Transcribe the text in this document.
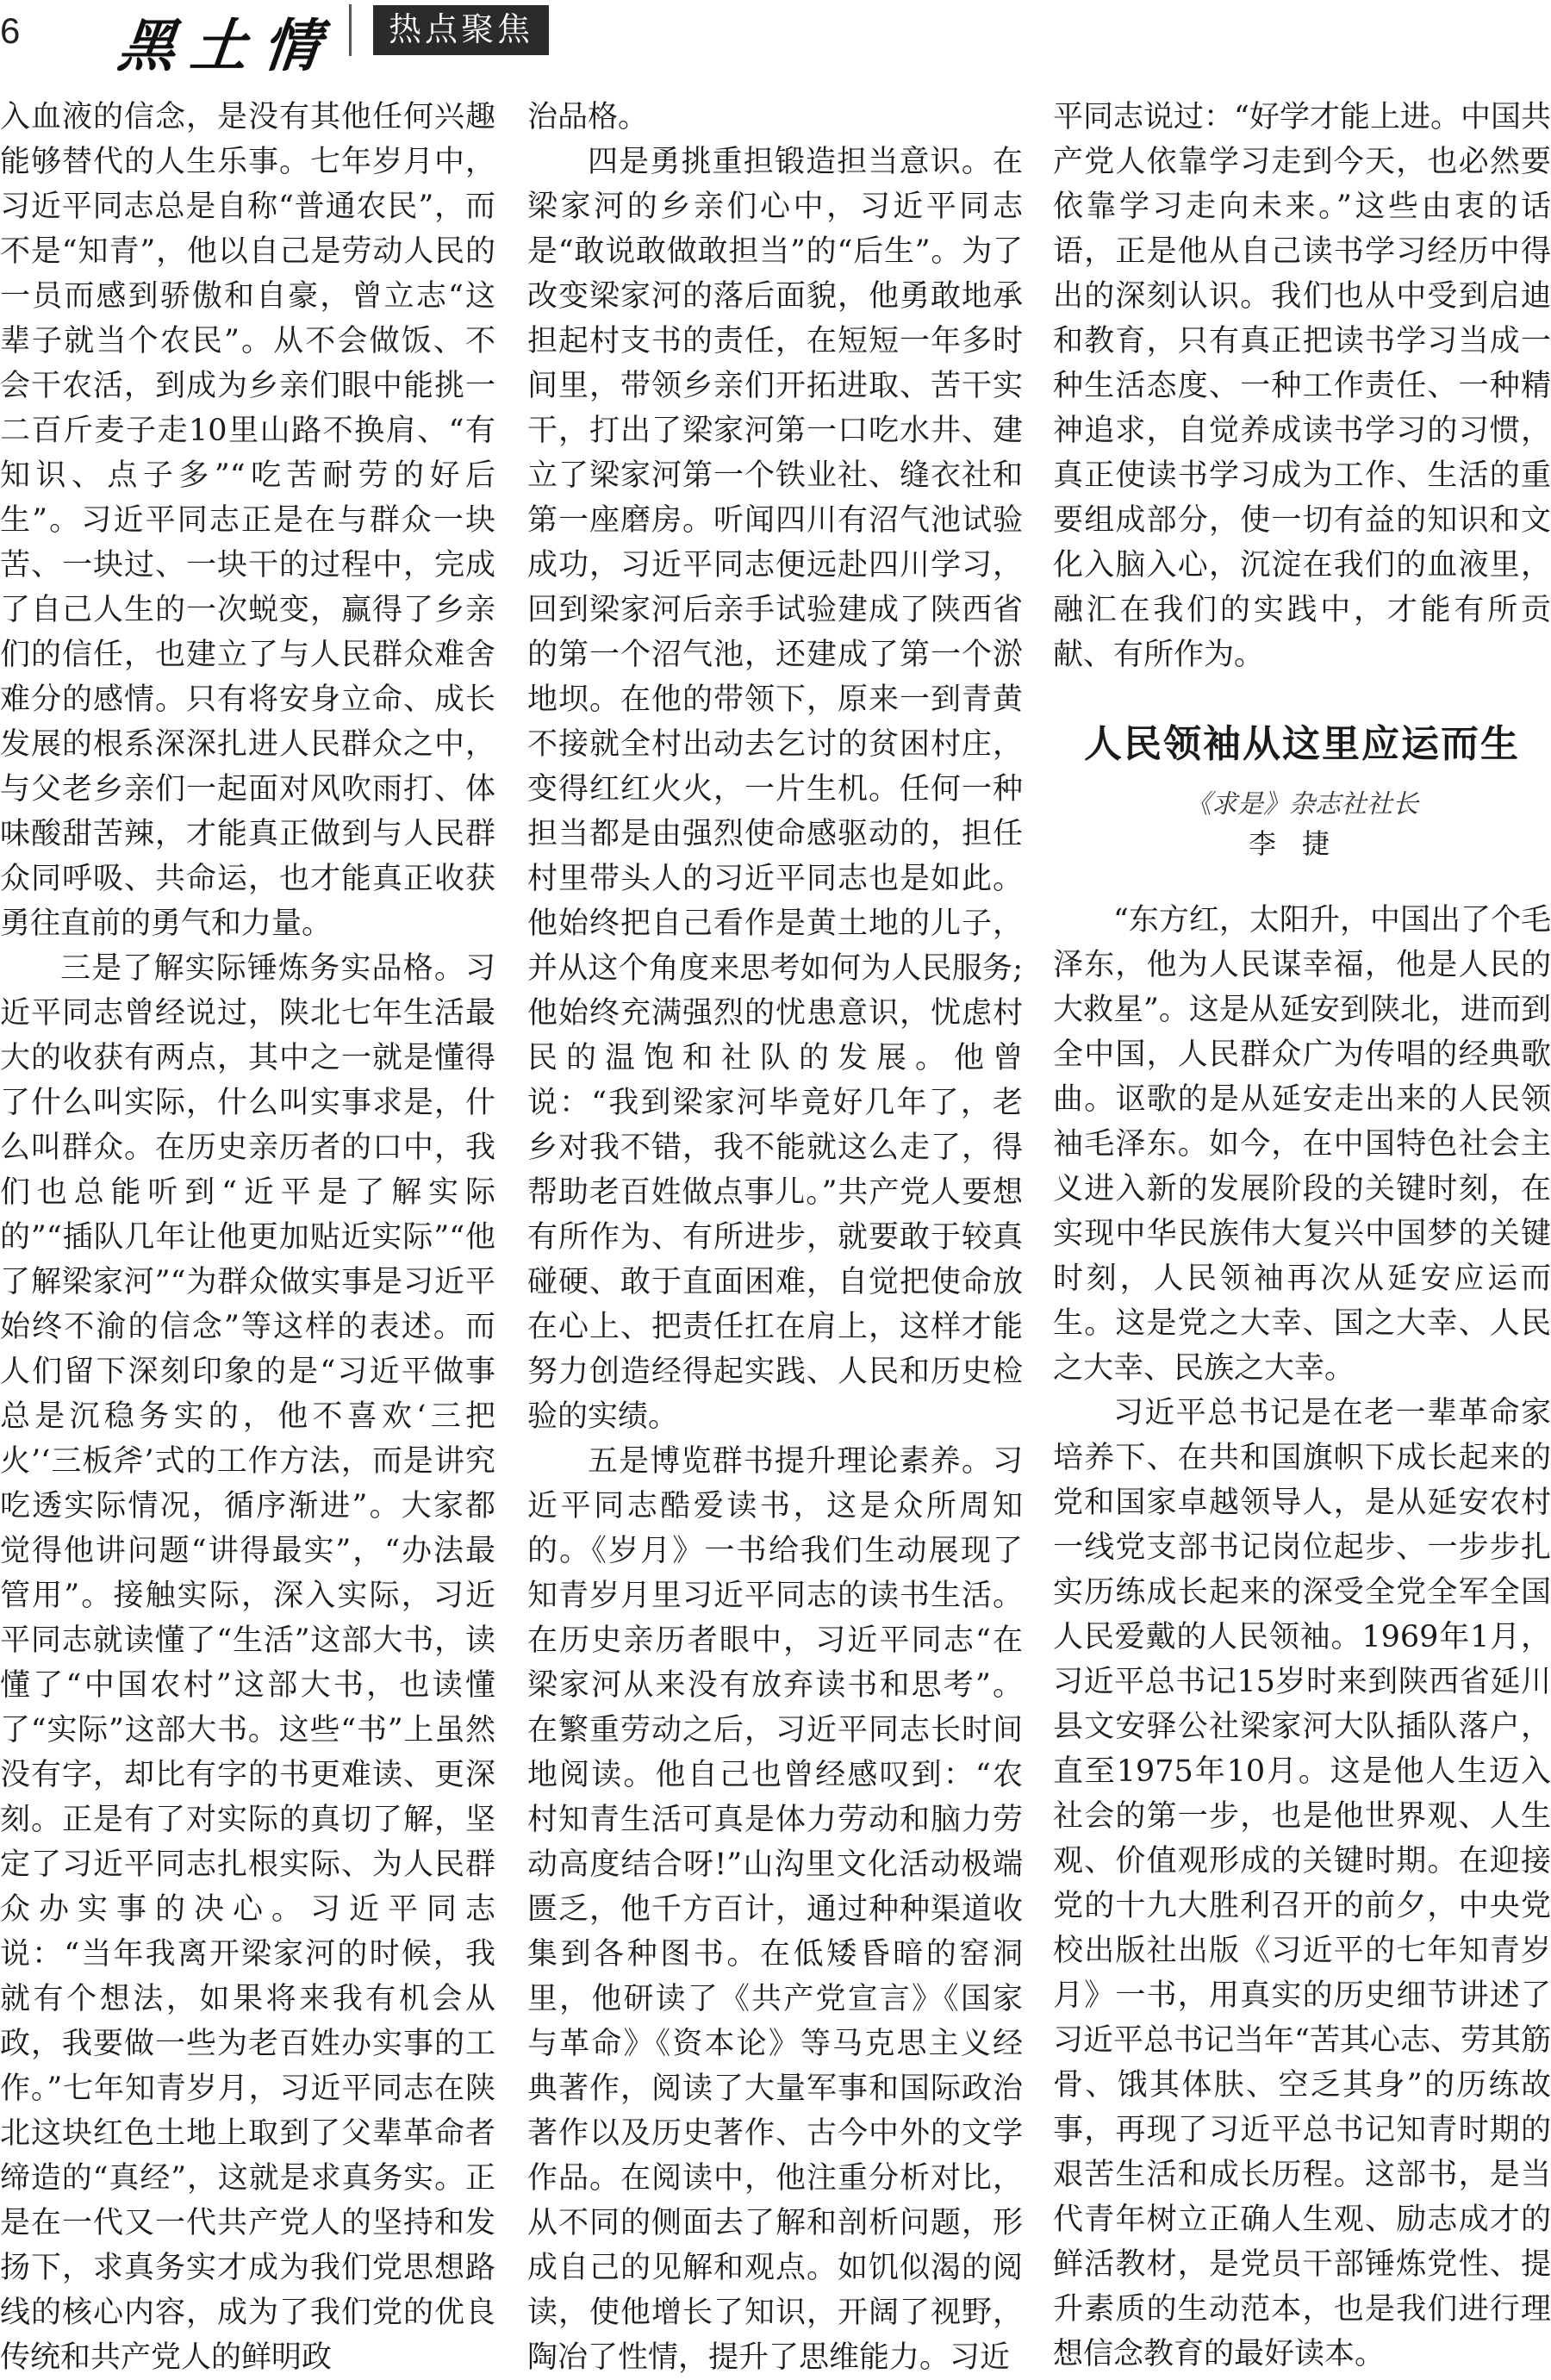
6 黑土情	热点聚焦

入血液的信念，是没有其他任何兴趣能够替代的人生乐事。七年岁月中，习近平同志总是自称“普通农民”，而不是“知青”，他以自己是劳动人民的一员而感到骄傲和自豪，曾立志“这辈子就当个农民”。从不会做饭、不会干农活，到成为乡亲们眼中能挑一二百斤麦子走10里山路不换肩、“有知识、点子多”“吃苦耐劳的好后生”。习近平同志正是在与群众一块苦、一块过、一块干的过程中，完成了自己人生的一次蜕变，赢得了乡亲们的信任，也建立了与人民群众难舍难分的感情。只有将安身立命、成长发展的根系深深扎进人民群众之中，与父老乡亲们一起面对风吹雨打、体味酸甜苦辣，才能真正做到与人民群众同呼吸、共命运，也才能真正收获勇往直前的勇气和力量。

三是了解实际锤炼务实品格。习近平同志曾经说过，陕北七年生活最大的收获有两点，其中之一就是懂得了什么叫实际，什么叫实事求是，什么叫群众。在历史亲历者的口中，我们也总能听到“近平是了解实际的”“插队几年让他更加贴近实际”“他了解梁家河”“为群众做实事是习近平始终不渝的信念”等这样的表述。而人们留下深刻印象的是“习近平做事总是沉稳务实的，他不喜欢‘三把火’‘三板斧’式的工作方法，而是讲究吃透实际情况，循序渐进”。大家都觉得他讲问题“讲得最实”，“办法最管用”。接触实际，深入实际，习近平同志就读懂了“生活”这部大书，读懂了“中国农村”这部大书，也读懂了“实际”这部大书。这些“书”上虽然没有字，却比有字的书更难读、更深刻。正是有了对实际的真切了解，坚定了习近平同志扎根实际、为人民群众办实事的决心。习近平同志说：“当年我离开梁家河的时候，我就有个想法，如果将来我有机会从政，我要做一些为老百姓办实事的工作。”七年知青岁月，习近平同志在陕北这块红色土地上取到了父辈革命者缔造的“真经”，这就是求真务实。正是在一代又一代共产党人的坚持和发扬下，求真务实才成为我们党思想路线的核心内容，成为了我们党的优良传统和共产党人的鲜明政

治品格。

四是勇挑重担锻造担当意识。在梁家河的乡亲们心中，习近平同志是“敢说敢做敢担当”的“后生”。为了改变梁家河的落后面貌，他勇敢地承担起村支书的责任，在短短一年多时间里，带领乡亲们开拓进取、苦干实干，打出了梁家河第一口吃水井、建立了梁家河第一个铁业社、缝衣社和第一座磨房。听闻四川有沼气池试验成功，习近平同志便远赴四川学习，回到梁家河后亲手试验建成了陕西省的第一个沼气池，还建成了第一个淤地坝。在他的带领下，原来一到青黄不接就全村出动去乞讨的贫困村庄，变得红红火火，一片生机。任何一种担当都是由强烈使命感驱动的，担任村里带头人的习近平同志也是如此。他始终把自己看作是黄土地的儿子，并从这个角度来思考如何为人民服务;他始终充满强烈的忧患意识，忧虑村民的温饱和社队的发展。他曾说：“我到梁家河毕竟好几年了，老乡对我不错，我不能就这么走了，得帮助老百姓做点事儿。”共产党人要想有所作为、有所进步，就要敢于较真碰硬、敢于直面困难，自觉把使命放在心上、把责任扛在肩上，这样才能努力创造经得起实践、人民和历史检验的实绩。

五是博览群书提升理论素养。习近平同志酷爱读书，这是众所周知的。《岁月》一书给我们生动展现了知青岁月里习近平同志的读书生活。在历史亲历者眼中，习近平同志“在梁家河从来没有放弃读书和思考”。在繁重劳动之后，习近平同志长时间地阅读。他自己也曾经感叹到：“农村知青生活可真是体力劳动和脑力劳动高度结合呀!”山沟里文化活动极端匮乏，他千方百计，通过种种渠道收集到各种图书。在低矮昏暗的窑洞里，他研读了《共产党宣言》《国家与革命》《资本论》等马克思主义经典著作，阅读了大量军事和国际政治著作以及历史著作、古今中外的文学作品。在阅读中，他注重分析对比，从不同的侧面去了解和剖析问题，形成自己的见解和观点。如饥似渴的阅读，使他增长了知识，开阔了视野，陶冶了性情，提升了思维能力。习近

平同志说过：“好学才能上进。中国共产党人依靠学习走到今天，也必然要依靠学习走向未来。”这些由衷的话语，正是他从自己读书学习经历中得出的深刻认识。我们也从中受到启迪和教育，只有真正把读书学习当成一种生活态度、一种工作责任、一种精神追求，自觉养成读书学习的习惯，真正使读书学习成为工作、生活的重要组成部分，使一切有益的知识和文化入脑入心，沉淀在我们的血液里，融汇在我们的实践中，才能有所贡献、有所作为。

人民领袖从这里应运而生
《求是》杂志社社长
李捷

“东方红，太阳升，中国出了个毛泽东，他为人民谋幸福，他是人民的大救星”。这是从延安到陕北，进而到全中国，人民群众广为传唱的经典歌曲。讴歌的是从延安走出来的人民领袖毛泽东。如今，在中国特色社会主义进入新的发展阶段的关键时刻，在实现中华民族伟大复兴中国梦的关键时刻，人民领袖再次从延安应运而生。这是党之大幸、国之大幸、人民之大幸、民族之大幸。

习近平总书记是在老一辈革命家培养下、在共和国旗帜下成长起来的党和国家卓越领导人，是从延安农村一线党支部书记岗位起步、一步步扎实历练成长起来的深受全党全军全国人民爱戴的人民领袖。1969年1月，习近平总书记15岁时来到陕西省延川县文安驿公社梁家河大队插队落户，直至1975年10月。这是他人生迈入社会的第一步，也是他世界观、人生观、价值观形成的关键时期。在迎接党的十九大胜利召开的前夕，中央党校出版社出版《习近平的七年知青岁月》一书，用真实的历史细节讲述了习近平总书记当年“苦其心志、劳其筋骨、饿其体肤、空乏其身”的历练故事，再现了习近平总书记知青时期的艰苦生活和成长历程。这部书，是当代青年树立正确人生观、励志成才的鲜活教材，是党员干部锤炼党性、提升素质的生动范本，也是我们进行理想信念教育的最好读本。
